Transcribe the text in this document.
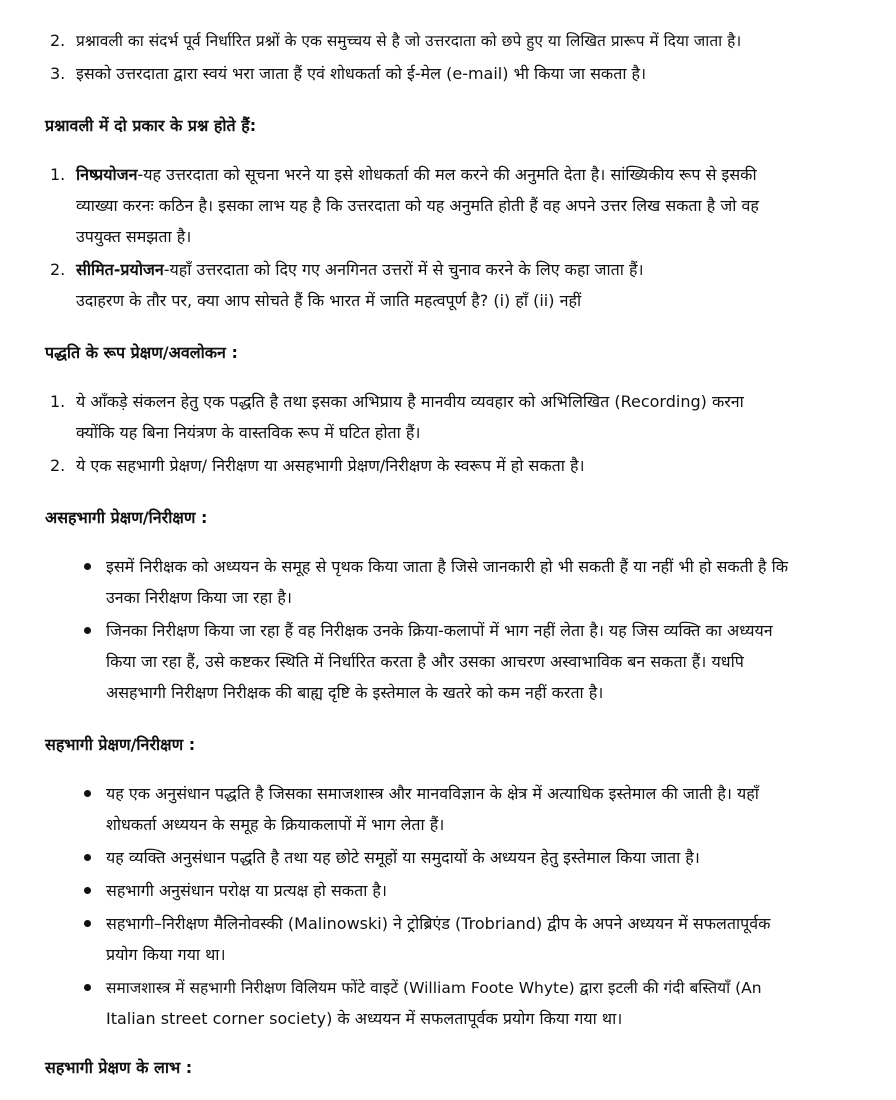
2. प्रश्नावली का संदर्भ पूर्व निर्धारित प्रश्नों के एक समुच्चय से है जो उत्तरदाता को छपे हुए या लिखित प्रारूप में दिया जाता है।
3. इसको उत्तरदाता द्वारा स्वयं भरा जाता हैं एवं शोधकर्ता को ई-मेल (e-mail) भी किया जा सकता है।
प्रश्नावली में दो प्रकार के प्रश्न होते हैं:
1. निष्प्रयोजन-यह उत्तरदाता को सूचना भरने या इसे शोधकर्ता की मल करने की अनुमति देता है। सांख्यिकीय रूप से इसकी
व्याख्या करनः कठिन है। इसका लाभ यह है कि उत्तरदाता को यह अनुमति होती हैं वह अपने उत्तर लिख सकता है जो वह
उपयुक्त समझता है।
2. सीमित-प्रयोजन-यहाँ उत्तरदाता को दिए गए अनगिनत उत्तरों में से चुनाव करने के लिए कहा जाता हैं।
उदाहरण के तौर पर, क्या आप सोचते हैं कि भारत में जाति महत्वपूर्ण है? (i) हाँ (ii) नहीं
पद्धति के रूप प्रेक्षण/अवलोकन :
1. ये आँकड़े संकलन हेतु एक पद्धति है तथा इसका अभिप्राय है मानवीय व्यवहार को अभिलिखित (Recording) करना
क्योंकि यह बिना नियंत्रण के वास्तविक रूप में घटित होता हैं।
2. ये एक सहभागी प्रेक्षण/ निरीक्षण या असहभागी प्रेक्षण/निरीक्षण के स्वरूप में हो सकता है।
असहभागी प्रेक्षण/निरीक्षण :
इसमें निरीक्षक को अध्ययन के समूह से पृथक किया जाता है जिसे जानकारी हो भी सकती हैं या नहीं भी हो सकती है कि
उनका निरीक्षण किया जा रहा है।
जिनका निरीक्षण किया जा रहा हैं वह निरीक्षक उनके क्रिया-कलापों में भाग नहीं लेता है। यह जिस व्यक्ति का अध्ययन
किया जा रहा हैं, उसे कष्टकर स्थिति में निर्धारित करता है और उसका आचरण अस्वाभाविक बन सकता हैं। यधपि
असहभागी निरीक्षण निरीक्षक की बाह्य दृष्टि के इस्तेमाल के खतरे को कम नहीं करता है।
सहभागी प्रेक्षण/निरीक्षण :
यह एक अनुसंधान पद्धति है जिसका समाजशास्त्र और मानवविज्ञान के क्षेत्र में अत्याधिक इस्तेमाल की जाती है। यहाँ
शोधकर्ता अध्ययन के समूह के क्रियाकलापों में भाग लेता हैं।
यह व्यक्ति अनुसंधान पद्धति है तथा यह छोटे समूहों या समुदायों के अध्ययन हेतु इस्तेमाल किया जाता है।
सहभागी अनुसंधान परोक्ष या प्रत्यक्ष हो सकता है।
सहभागी–निरीक्षण मैलिनोवस्की (Malinowski) ने ट्रोब्रिएंड (Trobriand) द्वीप के अपने अध्ययन में सफलतापूर्वक
प्रयोग किया गया था।
समाजशास्त्र में सहभागी निरीक्षण विलियम फोंटे वाइटें (William Foote Whyte) द्वारा इटली की गंदी बस्तियाँ (An
Italian street corner society) के अध्ययन में सफलतापूर्वक प्रयोग किया गया था।
सहभागी प्रेक्षण के लाभ :
